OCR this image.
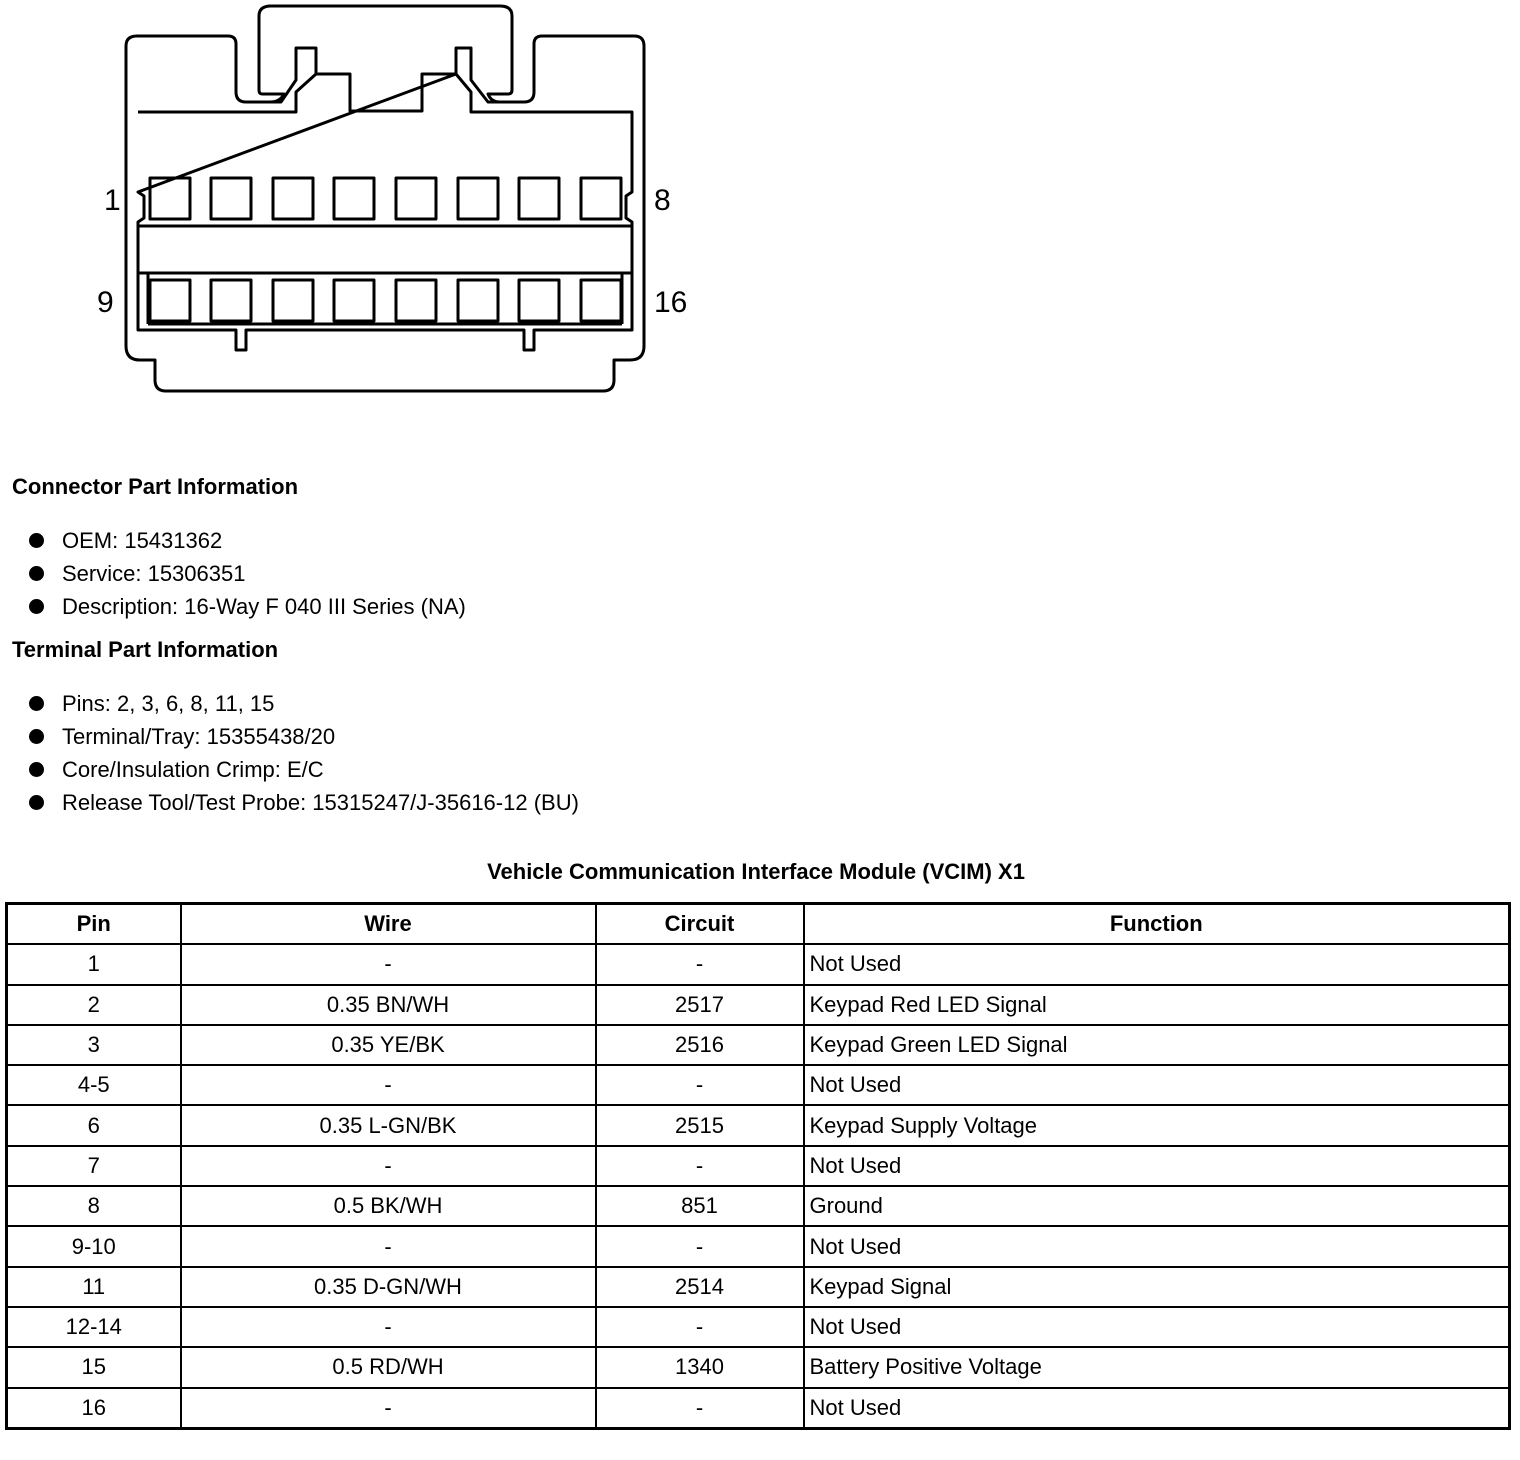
1	8
9	16
Connector Part Information
OEM: 15431362
Service: 15306351
Description: 16-Way F 040 III Series (NA)
Terminal Part Information
Pins: 2, 3, 6, 8, 11, 15
Terminal/Tray: 15355438/20
Core/Insulation Crimp: E/C
Release Tool/Test Probe: 15315247/J-35616-12 (BU)
Vehicle Communication Interface Module (VCIM) X1
Pin	Wire	Circuit	Function
1	-	-	Not Used
2	0.35 BN/WH	2517	Keypad Red LED Signal
3	0.35 YE/BK	2516	Keypad Green LED Signal
4-5	-	-	Not Used
6	0.35 L-GN/BK	2515	Keypad Supply Voltage
7	-	-	Not Used
8	0.5 BK/WH	851	Ground
9-10	-	-	Not Used
11	0.35 D-GN/WH	2514	Keypad Signal
12-14	-	-	Not Used
15	0.5 RD/WH	1340	Battery Positive Voltage
16	-	-	Not Used
